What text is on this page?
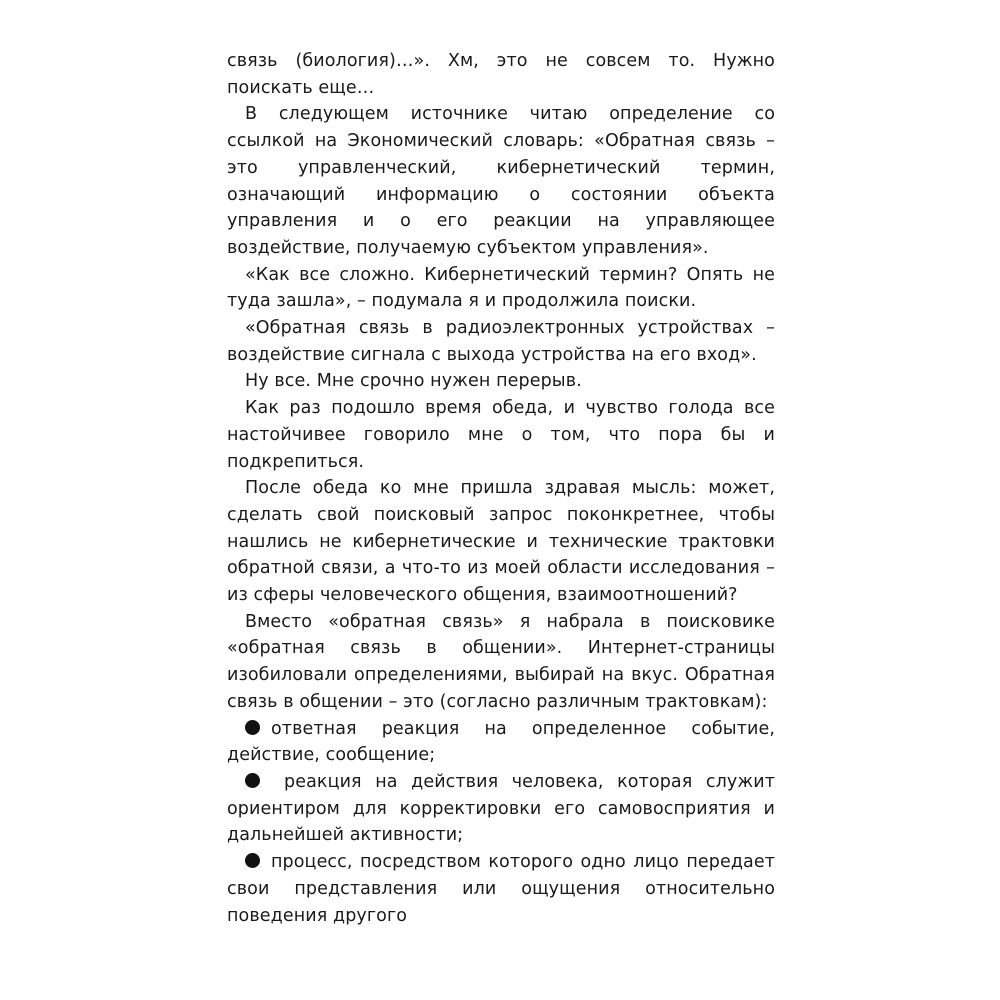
связь (биология)…». Хм, это не совсем то. Нужно поискать еще…

В следующем источнике читаю определение со ссылкой на Экономический словарь: «Обратная связь – это управленческий, кибернетический термин, означающий информацию о состоянии объекта управления и о его реакции на управляющее воздействие, получаемую субъектом управления».

«Как все сложно. Кибернетический термин? Опять не туда зашла», – подумала я и продолжила поиски.

«Обратная связь в радиоэлектронных устройствах – воздействие сигнала с выхода устройства на его вход».

Ну все. Мне срочно нужен перерыв.

Как раз подошло время обеда, и чувство голода все настойчивее говорило мне о том, что пора бы и подкрепиться.

После обеда ко мне пришла здравая мысль: может, сделать свой поисковый запрос поконкретнее, чтобы нашлись не кибернетические и технические трактовки обратной связи, а что-то из моей области исследования – из сферы человеческого общения, взаимоотношений?

Вместо «обратная связь» я набрала в поисковике «обратная связь в общении». Интернет-страницы изобиловали определениями, выбирай на вкус. Обратная связь в общении – это (согласно различным трактовкам):

ответная реакция на определенное событие, действие, сообщение;

реакция на действия человека, которая служит ориентиром для корректировки его самовосприятия и дальнейшей активности;

процесс, посредством которого одно лицо передает свои представления или ощущения относительно поведения другого
